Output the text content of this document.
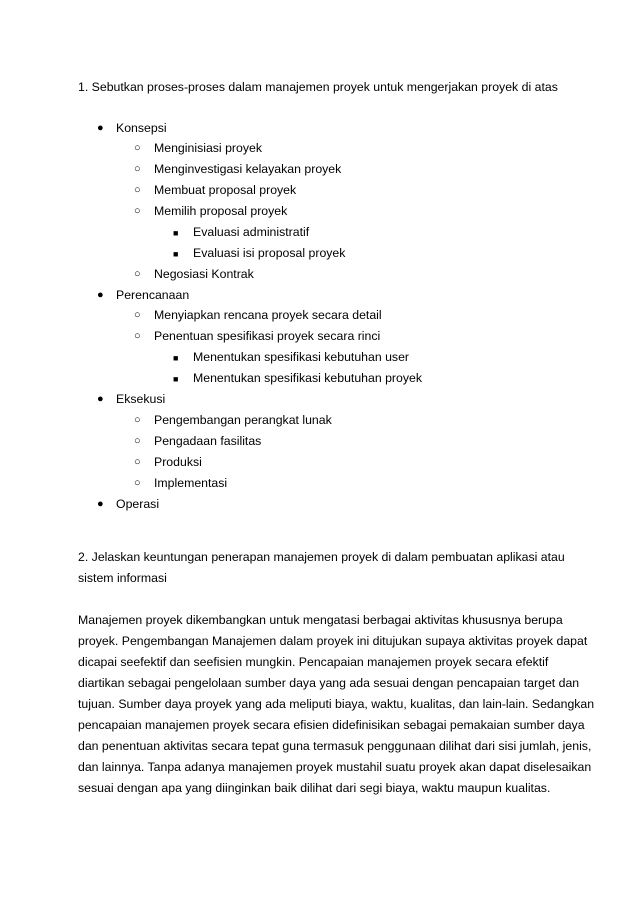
1. Sebutkan proses-proses dalam manajemen proyek untuk mengerjakan proyek di atas
● Konsepsi
○ Menginisiasi proyek
○ Menginvestigasi kelayakan proyek
○ Membuat proposal proyek
○ Memilih proposal proyek
■ Evaluasi administratif
■ Evaluasi isi proposal proyek
○ Negosiasi Kontrak
● Perencanaan
○ Menyiapkan rencana proyek secara detail
○ Penentuan spesifikasi proyek secara rinci
■ Menentukan spesifikasi kebutuhan user
■ Menentukan spesifikasi kebutuhan proyek
● Eksekusi
○ Pengembangan perangkat lunak
○ Pengadaan fasilitas
○ Produksi
○ Implementasi
● Operasi
2. Jelaskan keuntungan penerapan manajemen proyek di dalam pembuatan aplikasi atau
sistem informasi
Manajemen proyek dikembangkan untuk mengatasi berbagai aktivitas khususnya berupa
proyek. Pengembangan Manajemen dalam proyek ini ditujukan supaya aktivitas proyek dapat
dicapai seefektif dan seefisien mungkin. Pencapaian manajemen proyek secara efektif
diartikan sebagai pengelolaan sumber daya yang ada sesuai dengan pencapaian target dan
tujuan. Sumber daya proyek yang ada meliputi biaya, waktu, kualitas, dan lain-lain. Sedangkan
pencapaian manajemen proyek secara efisien didefinisikan sebagai pemakaian sumber daya
dan penentuan aktivitas secara tepat guna termasuk penggunaan dilihat dari sisi jumlah, jenis,
dan lainnya. Tanpa adanya manajemen proyek mustahil suatu proyek akan dapat diselesaikan
sesuai dengan apa yang diinginkan baik dilihat dari segi biaya, waktu maupun kualitas.
